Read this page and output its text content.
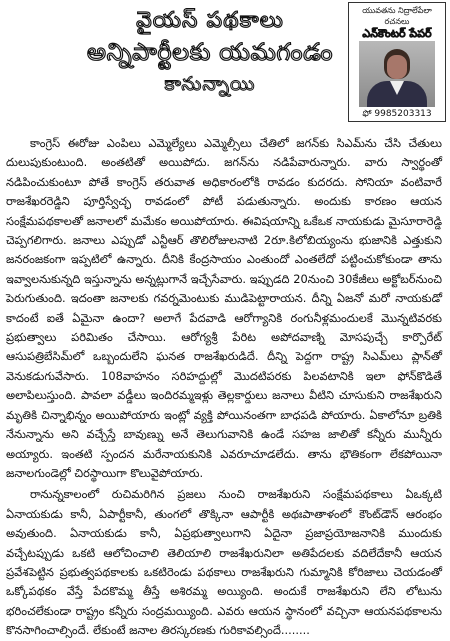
వైయస్ పథకాలు
అన్నిపార్టీలకు యమగండం
కానున్నాయి
యువతను నిద్రాలేపేలా రచనలు
ఎన్‌కౌంటర్ పేపర్
ఫో 9985203313

కాంగ్రెస్ ఈరోజు ఎంపిలు ఎమ్మెల్యేలు ఎమ్మెల్సీలు చేతిలో జగన్‌కు సిఎమ్‌ను చేసి చేతులు దులుపుకుంటుంది. అంతటితో అయిపోదు. జగన్‌ను నడిపేవారున్నారు. వారు స్వార్థంతో నడిపించుకుంటూ పోతే కాంగ్రెస్ తరువాత అధికారంలోకి రావడం కుదరదు. సోనియా వంటివారే రాజశేఖరరెడ్డిని పూర్తిస్వేచ్ఛ రావడంలో పోటీ పడుతున్నారు. అందుకు కారణం ఆయన సంక్షేమపథకాలతో జనాలలో మమేకం అయిపోయారు. ఈవిషయాన్ని ఒకేఒక నాయకుడు మైసూరారెడ్డి చెప్పగలిగారు. జనాలు ఎప్పుడో ఎన్టీఆర్ తొలిరోజులనాటి 2రూ.కిలోబియ్యంను భుజానికి ఎత్తుకుని జనరంజకంగా ఇప్పటిలో ఉన్నారు. దీనికి కేంద్రసాయం ఎంతుందో ఎంతలేదో పట్టించుకోకుండా తాను ఇవ్వాలనుకున్నది ఇస్తున్నాను అన్నట్లుగానే ఇచ్చేసేవారు. ఇప్పుడది 20నుంచి 30కేజీలు అక్టోబర్‌నుంచి పెరుగుతుంది. ఇదంతా జనాలకు గవర్నమెంటుకు ముడిపెట్టారాయన. దీన్ని ఏజనో మరో నాయకుడో కాదంటే ఐతే ఏమైనా ఉందా? అలాగే పేదవాడి ఆరోగ్యానికి రంగునీళ్లమందులకే మొన్నటివరకు ప్రభుత్వాలు పరిమితం చేసాయి. ఆరోగ్యశ్రీ పేరిట అపోదవాణ్ని మోసపుచ్చే కార్పొరేట్ ఆసుపత్రిబేసిమ్‌లో ఒబ్బందులేని ఘనత రాజశేఖరుడిదే. దీన్ని పెద్దగా రాష్ట్ర సిఎమ్‌లు ప్లాన్‌తో వెనుకడుగువేసారు. 108వాహనం సరిహద్దుల్లో మొదటిపరకు పిలవటానికి ఇలా ఫోన్‌కొడితే అలాపిలుస్తుంది. పావలా వడ్డీలు ఇందిరమ్మఇళ్లు తెల్లకార్డులు జనాలు వీటిని చూసుకుని రాజశేఖరుని మృతికి చిన్నాభిన్నం అయిపోయారు ఇంట్లో వ్యక్తి పోయినంతగా బాధపడి పోయారు. ఏకాలోనూ బ్రతికి నేనున్నాను అని వచ్చేస్తే బావుణ్ను అనే తెలుగువానికి ఉండే సహజ జాలితో కన్నీరు మున్నీరు అయ్యారు. ఇంతటి స్పందన మరేనాయకునికి ఎవరూచూడలేదు. తాను భౌతికంగా లేకపోయినా జనాలగుండెల్లో చిరస్థాయిగా కొలువైపోయారు.

రానున్నకాలంలో రుచిమరిగిన ప్రజలు నుంచి రాజశేఖరుని సంక్షేమపథకాలు ఏఒక్కటి ఏనాయకుడు కానీ, ఏపార్టీకానీ, తుంగలో తొక్కినా ఆపార్టీకి అథఃపాతాళంలో కౌంట్‌డౌన్ ఆరంభం అవుతుంది. ఏనాయకుడు కానీ, ఏప్రభుత్వాలుగాని ఏదైనా ప్రజాప్రయోజనానికి ముందుకు వచ్చేటప్పుడు ఒకటి ఆలోచించాలి తెలియాలి రాజశేఖరునిలా అతిపేదలకు వదిలేదేకానీ ఆయన ప్రవేశపెట్టిన ప్రభుత్వపథకాలకు ఒకటిరెండు పథకాలు రాజశేఖరుని గుమ్మానికి కోరిజాలు చెయడంతో ఒక్కోపథకం వేస్తే పేదకొమ్మ తీస్తే అశిరమ్మ అయ్యింది. అందుకే రాజశేఖరుని లేని లోటును భరించలేకుండా రాష్ట్రం కన్నీరు సంద్రమయ్యింది. ఎవరు ఆయన స్థానంలో వచ్చినా ఆయనపథకాలను కొనసాగించాల్సిందే. లేకుంటే జనాల తిరస్కరణకు గురికావల్సిందే........
